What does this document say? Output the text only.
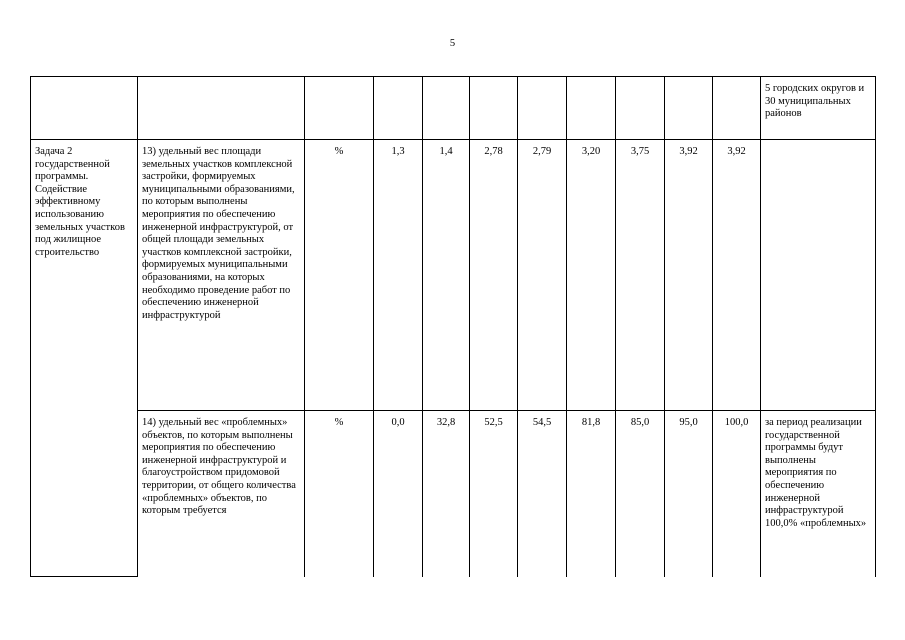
5
											5 городских округов и 30 муниципальных районов
Задача 2 государственной программы. Содействие эффективному использованию земельных участков под жилищное строительство	13) удельный вес площади земельных участков комплексной застройки, формируемых муниципальными образованиями, по которым выполнены мероприятия по обеспечению инженерной инфраструктурой, от общей площади земельных участков комплексной застройки, формируемых муниципальными образованиями, на которых необходимо проведение работ по обеспечению инженерной инфраструктурой	%	1,3	1,4	2,78	2,79	3,20	3,75	3,92	3,92	
	14) удельный вес «проблемных» объектов, по которым выполнены мероприятия по обеспечению инженерной инфраструктурой и благоустройством придомовой территории, от общего количества «проблемных» объектов, по которым требуется	%	0,0	32,8	52,5	54,5	81,8	85,0	95,0	100,0	за период реализации государственной программы будут выполнены мероприятия по обеспечению инженерной инфраструктурой 100,0% «проблемных»
